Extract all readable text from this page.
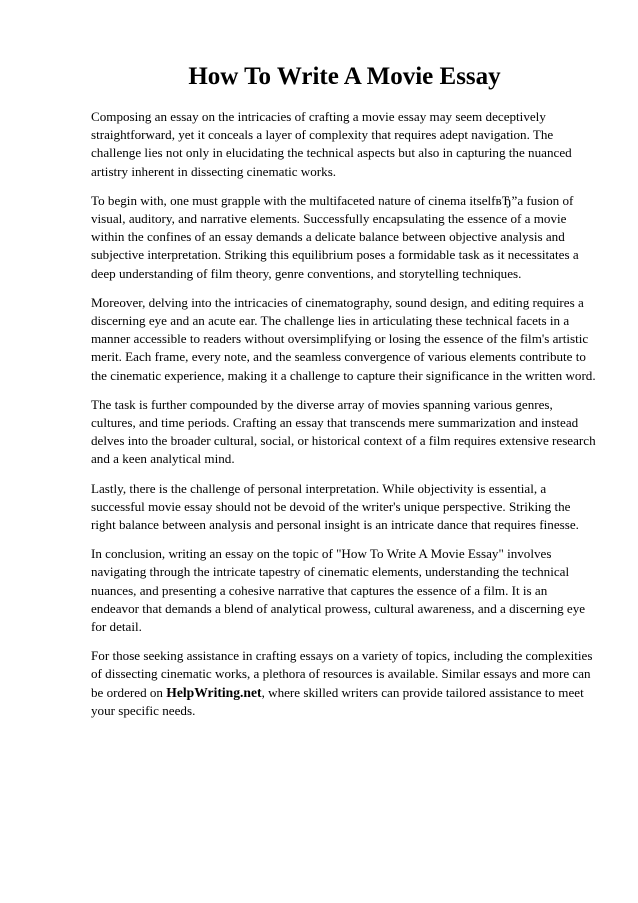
How To Write A Movie Essay

Composing an essay on the intricacies of crafting a movie essay may seem deceptively straightforward, yet it conceals a layer of complexity that requires adept navigation. The challenge lies not only in elucidating the technical aspects but also in capturing the nuanced artistry inherent in dissecting cinematic works.

To begin with, one must grapple with the multifaceted nature of cinema itselfвЂ”a fusion of visual, auditory, and narrative elements. Successfully encapsulating the essence of a movie within the confines of an essay demands a delicate balance between objective analysis and subjective interpretation. Striking this equilibrium poses a formidable task as it necessitates a deep understanding of film theory, genre conventions, and storytelling techniques.

Moreover, delving into the intricacies of cinematography, sound design, and editing requires a discerning eye and an acute ear. The challenge lies in articulating these technical facets in a manner accessible to readers without oversimplifying or losing the essence of the film's artistic merit. Each frame, every note, and the seamless convergence of various elements contribute to the cinematic experience, making it a challenge to capture their significance in the written word.

The task is further compounded by the diverse array of movies spanning various genres, cultures, and time periods. Crafting an essay that transcends mere summarization and instead delves into the broader cultural, social, or historical context of a film requires extensive research and a keen analytical mind.

Lastly, there is the challenge of personal interpretation. While objectivity is essential, a successful movie essay should not be devoid of the writer's unique perspective. Striking the right balance between analysis and personal insight is an intricate dance that requires finesse.

In conclusion, writing an essay on the topic of "How To Write A Movie Essay" involves navigating through the intricate tapestry of cinematic elements, understanding the technical nuances, and presenting a cohesive narrative that captures the essence of a film. It is an endeavor that demands a blend of analytical prowess, cultural awareness, and a discerning eye for detail.

For those seeking assistance in crafting essays on a variety of topics, including the complexities of dissecting cinematic works, a plethora of resources is available. Similar essays and more can be ordered on HelpWriting.net, where skilled writers can provide tailored assistance to meet your specific needs.
